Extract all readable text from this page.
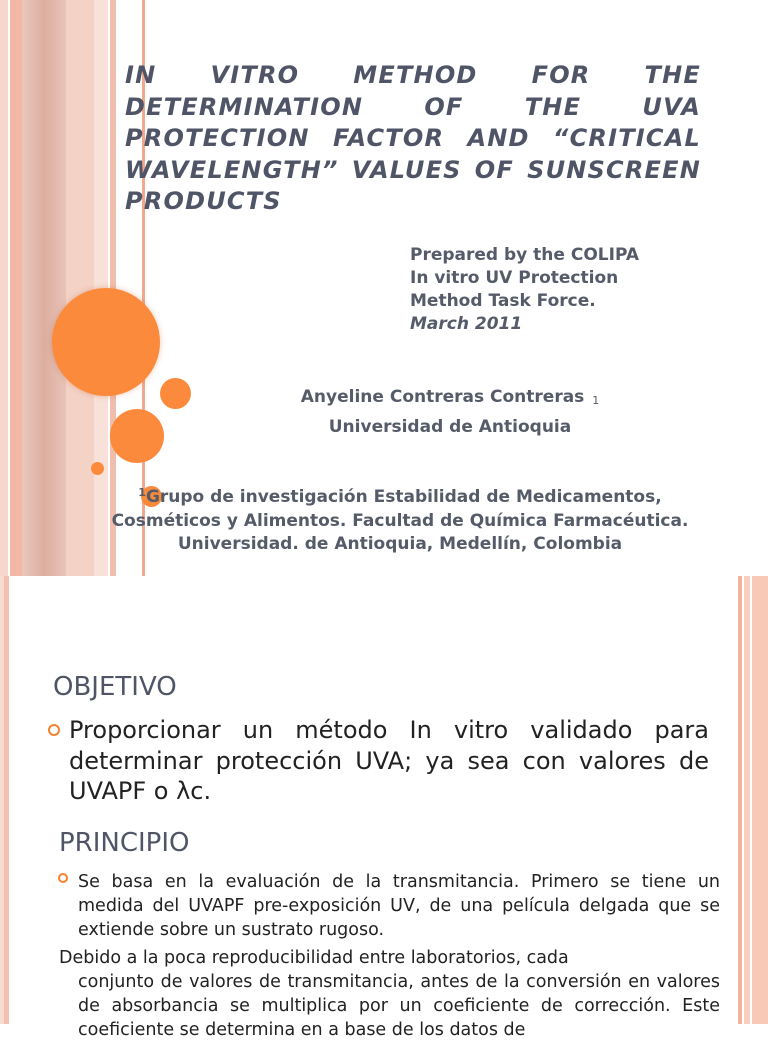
IN VITRO METHOD FOR THE DETERMINATION OF THE UVA PROTECTION FACTOR AND “CRITICAL WAVELENGTH” VALUES OF SUNSCREEN PRODUCTS
Prepared by the COLIPA
In vitro UV Protection
Method Task Force.
March 2011
Anyeline Contreras Contreras $^1$
Universidad de Antioquia
$^1$Grupo de investigación Estabilidad de Medicamentos,
Cosméticos y Alimentos. Facultad de Química Farmacéutica.
Universidad. de Antioquia, Medellín, Colombia
OBJETIVO
Proporcionar un método In vitro validado para determinar protección UVA; ya sea con valores de UVAPF o λc.
PRINCIPIO
Se basa en la evaluación de la transmitancia. Primero se tiene un medida del UVAPF pre-exposición UV, de una película delgada que se extiende sobre un sustrato rugoso.
Debido a la poca reproducibilidad entre laboratorios, cada
conjunto de valores de transmitancia, antes de la conversión en valores de absorbancia se multiplica por un coeficiente de corrección. Este coeficiente se determina en a base de los datos de
